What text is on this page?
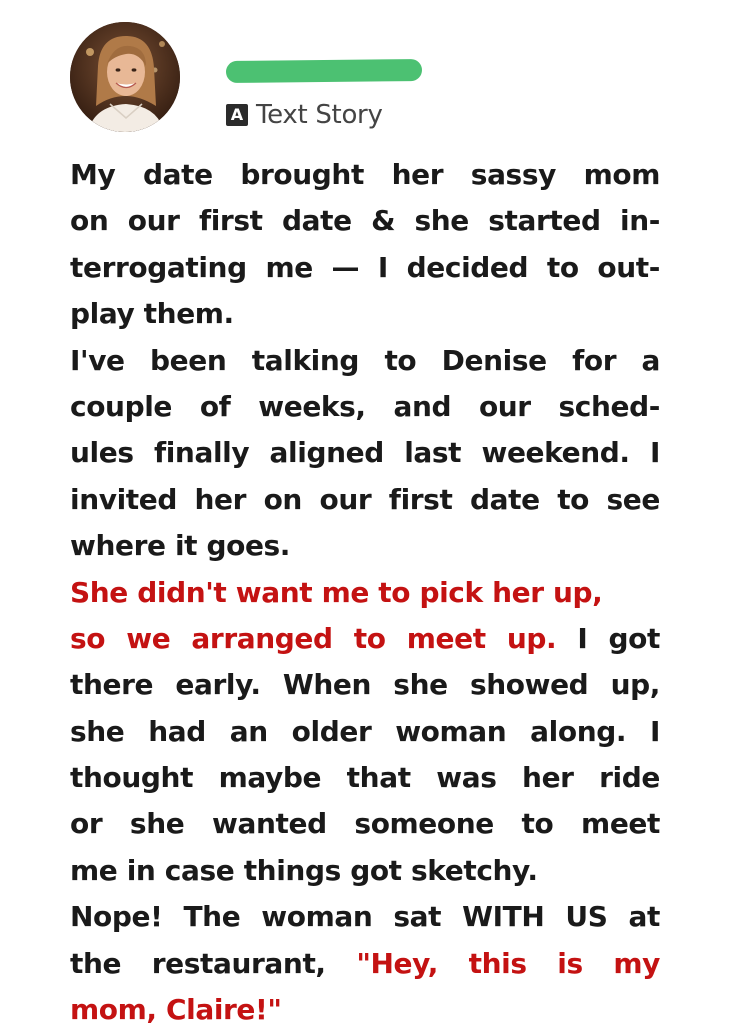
A Text Story

My date brought her sassy mom
on our first date & she started in-
terrogating me — I decided to out-
play them.

I've been talking to Denise for a
couple of weeks, and our sched-
ules finally aligned last weekend. I
invited her on our first date to see
where it goes.

She didn't want me to pick her up,
so we arranged to meet up. I got
there early. When she showed up,
she had an older woman along. I
thought maybe that was her ride
or she wanted someone to meet
me in case things got sketchy.

Nope! The woman sat WITH US at
the restaurant, "Hey, this is my
mom, Claire!"
